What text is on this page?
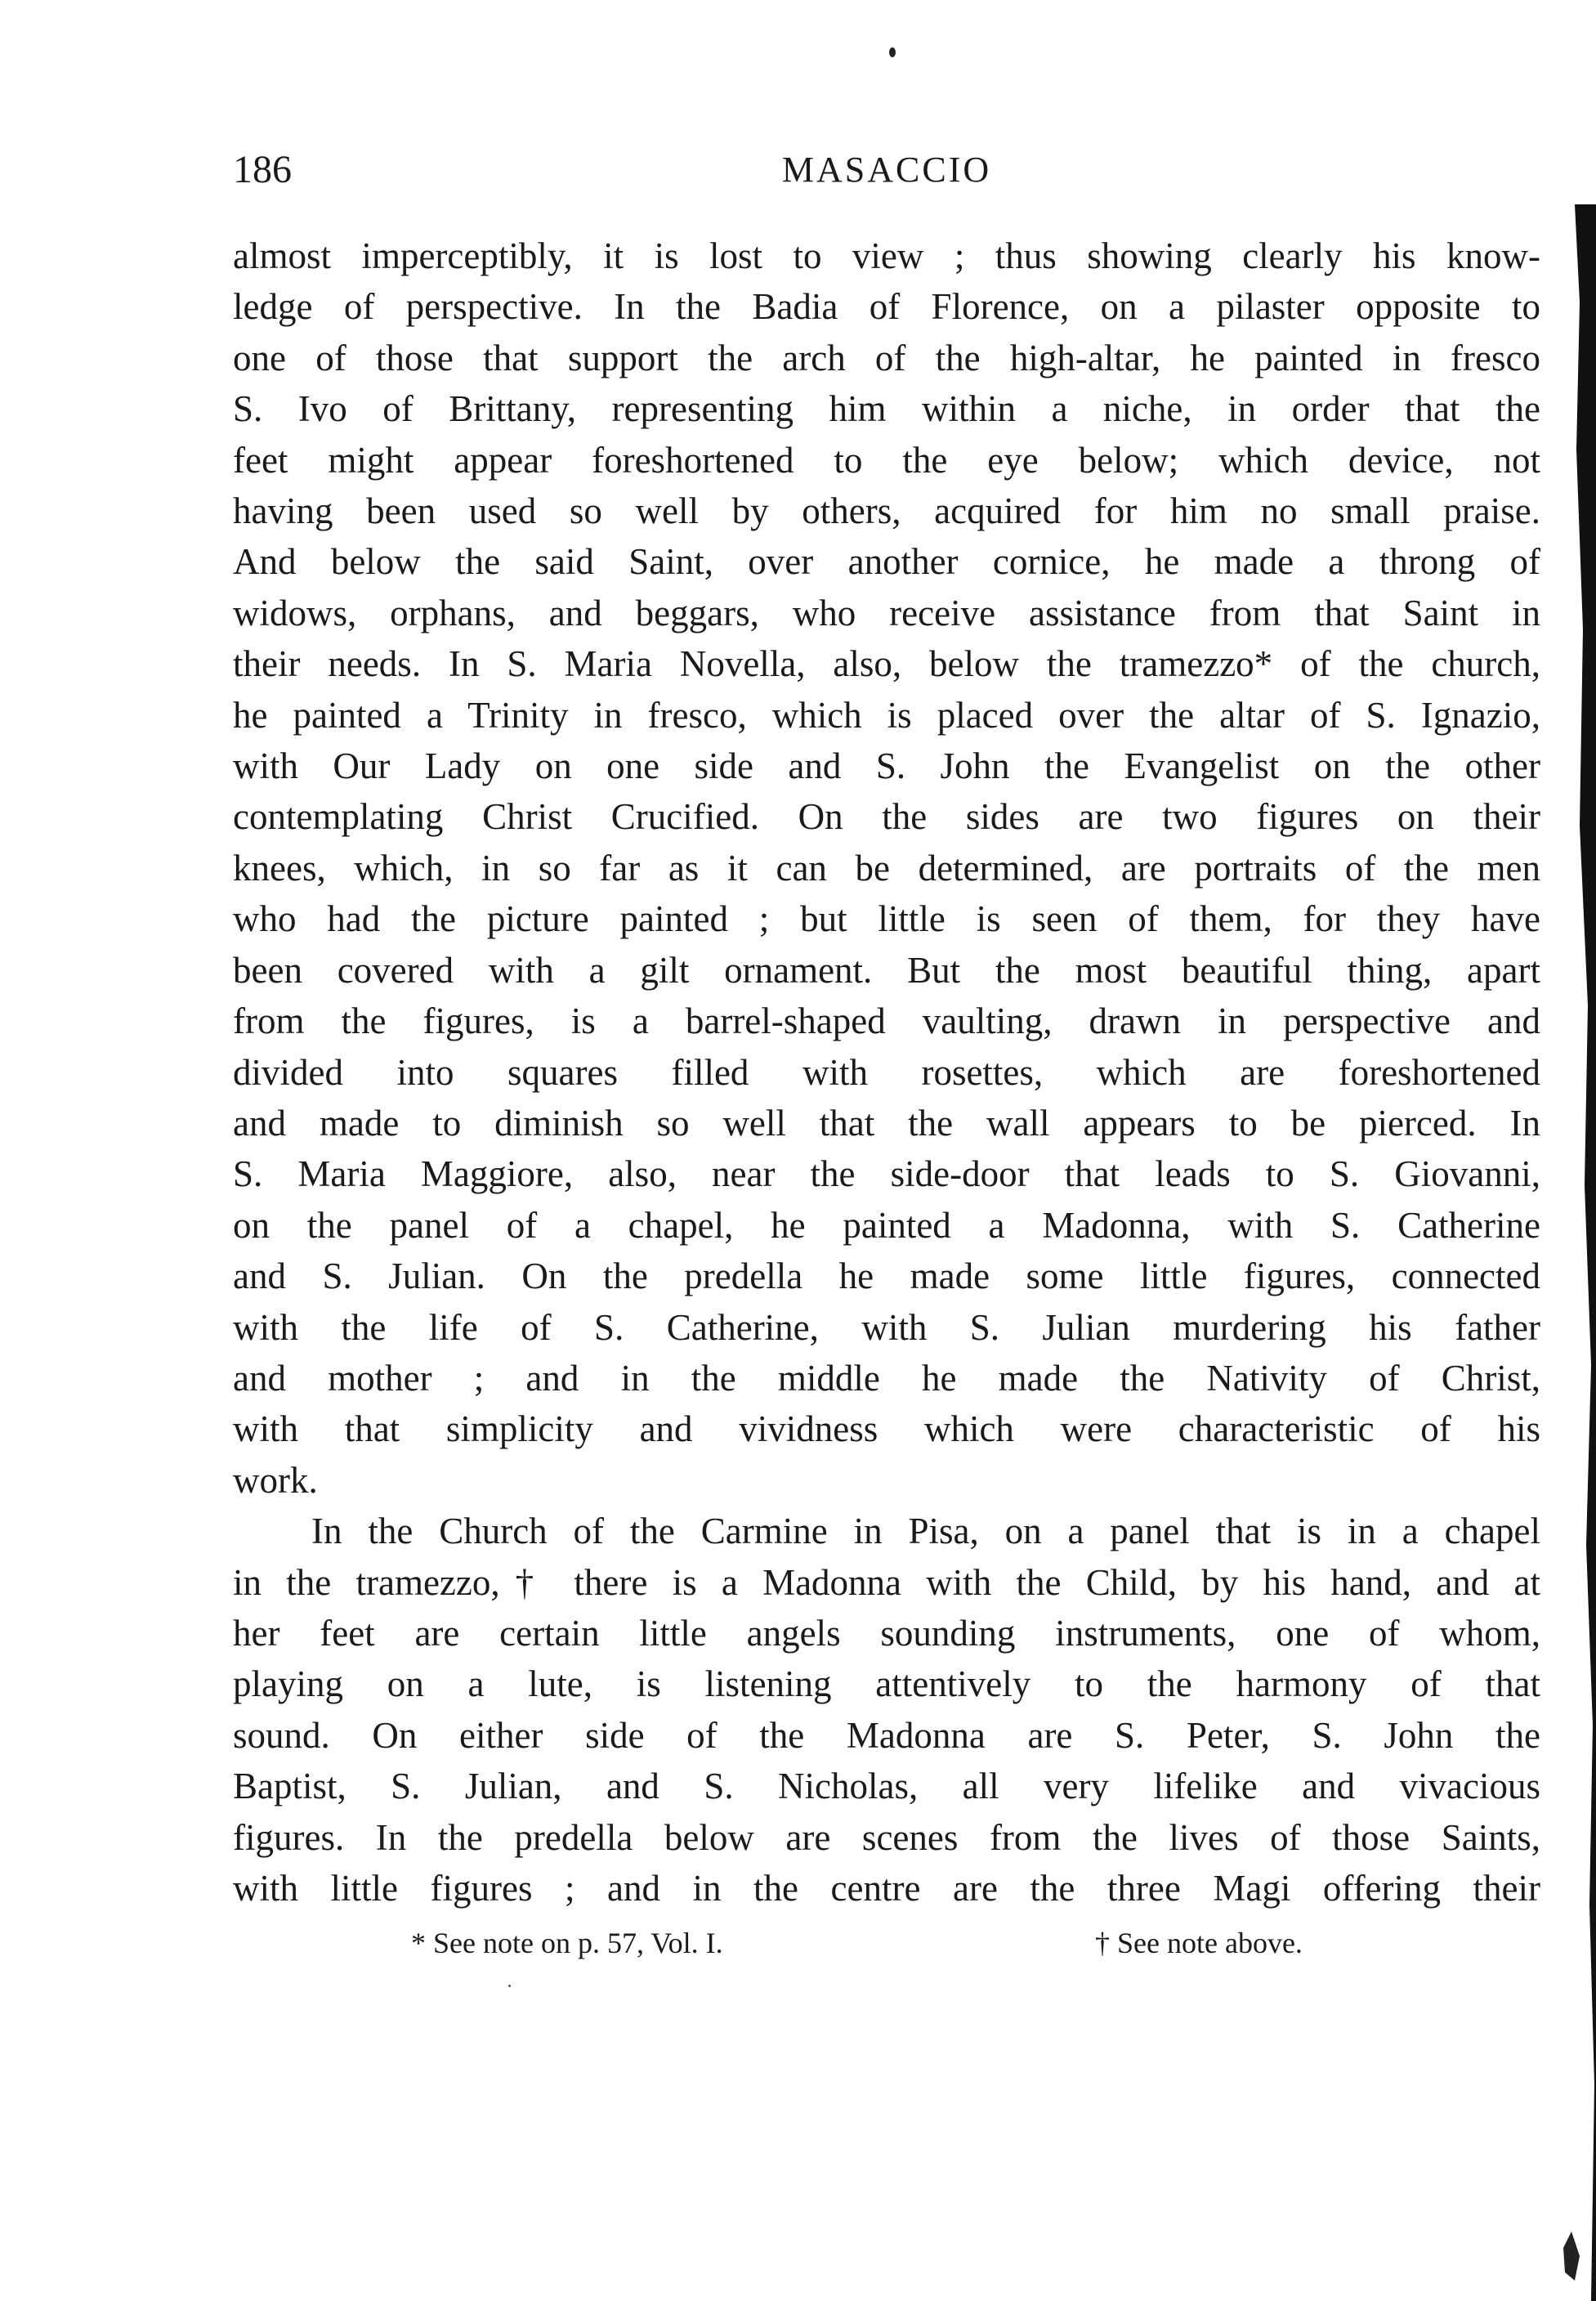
186	MASACCIO
almost imperceptibly, it is lost to view ; thus showing clearly his know-
ledge of perspective. In the Badia of Florence, on a pilaster opposite to
one of those that support the arch of the high-altar, he painted in fresco
S. Ivo of Brittany, representing him within a niche, in order that the
feet might appear foreshortened to the eye below; which device, not
having been used so well by others, acquired for him no small praise.
And below the said Saint, over another cornice, he made a throng of
widows, orphans, and beggars, who receive assistance from that Saint in
their needs. In S. Maria Novella, also, below the tramezzo* of the church,
he painted a Trinity in fresco, which is placed over the altar of S. Ignazio,
with Our Lady on one side and S. John the Evangelist on the other
contemplating Christ Crucified. On the sides are two figures on their
knees, which, in so far as it can be determined, are portraits of the men
who had the picture painted ; but little is seen of them, for they have
been covered with a gilt ornament. But the most beautiful thing, apart
from the figures, is a barrel-shaped vaulting, drawn in perspective and
divided into squares filled with rosettes, which are foreshortened
and made to diminish so well that the wall appears to be pierced. In
S. Maria Maggiore, also, near the side-door that leads to S. Giovanni,
on the panel of a chapel, he painted a Madonna, with S. Catherine
and S. Julian. On the predella he made some little figures, connected
with the life of S. Catherine, with S. Julian murdering his father
and mother ; and in the middle he made the Nativity of Christ,
with that simplicity and vividness which were characteristic of his
work.
In the Church of the Carmine in Pisa, on a panel that is in a chapel
in the tramezzo,† there is a Madonna with the Child, by his hand, and at
her feet are certain little angels sounding instruments, one of whom,
playing on a lute, is listening attentively to the harmony of that
sound. On either side of the Madonna are S. Peter, S. John the
Baptist, S. Julian, and S. Nicholas, all very lifelike and vivacious
figures. In the predella below are scenes from the lives of those Saints,
with little figures ; and in the centre are the three Magi offering their
* See note on p. 57, Vol. I.	† See note above.
